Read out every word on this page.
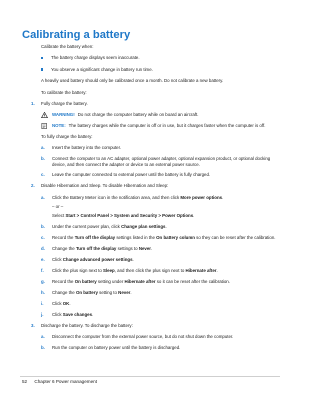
Calibrating a battery

Calibrate the battery when:

The battery charge displays seem inaccurate.
You observe a significant change in battery run time.

A heavily used battery should only be calibrated once a month. Do not calibrate a new battery.

To calibrate the battery:

1. Fully charge the battery.

WARNING! Do not charge the computer battery while on board an aircraft.
NOTE: The battery charges while the computer is off or in use, but it charges faster when the computer is off.

To fully charge the battery:

a. Insert the battery into the computer.

b. Connect the computer to an AC adapter, optional power adapter, optional expansion product, or optional docking device, and then connect the adapter or device to an external power source.

c. Leave the computer connected to external power until the battery is fully charged.

2. Disable Hibernation and Sleep. To disable Hibernation and Sleep:

a. Click the Battery Meter icon in the notification area, and then click More power options.

– or –

Select Start > Control Panel > System and Security > Power Options.

b. Under the current power plan, click Change plan settings.

c. Record the Turn off the display settings listed in the On battery column so they can be reset after the calibration.

d. Change the Turn off the display settings to Never.

e. Click Change advanced power settings.

f. Click the plus sign next to Sleep, and then click the plus sign next to Hibernate after.

g. Record the On battery setting under Hibernate after so it can be reset after the calibration.

h. Change the On battery setting to Never.

i. Click OK.

j. Click Save changes.

3. Discharge the battery. To discharge the battery:

a. Disconnect the computer from the external power source, but do not shut down the computer.

b. Run the computer on battery power until the battery is discharged.

52 Chapter 6 Power management
